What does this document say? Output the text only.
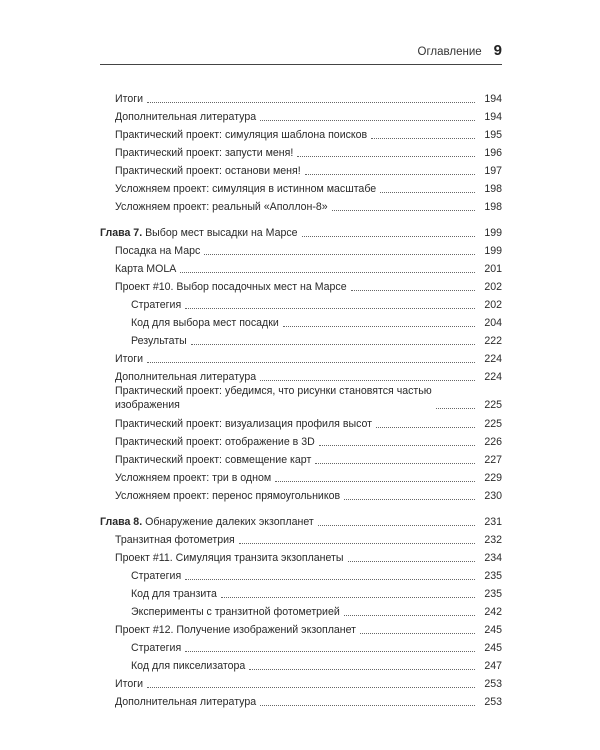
Оглавление 9
Итоги	194
Дополнительная литература	194
Практический проект: симуляция шаблона поисков	195
Практический проект: запусти меня!	196
Практический проект: останови меня!	197
Усложняем проект: симуляция в истинном масштабе	198
Усложняем проект: реальный «Аполлон-8»	198
Глава 7. Выбор мест высадки на Марсе	199
Посадка на Марс	199
Карта MOLA	201
Проект #10. Выбор посадочных мест на Марсе	202
Стратегия	202
Код для выбора мест посадки	204
Результаты	222
Итоги	224
Дополнительная литература	224
Практический проект: убедимся, что рисунки становятся частью
изображения	225
Практический проект: визуализация профиля высот	225
Практический проект: отображение в 3D	226
Практический проект: совмещение карт	227
Усложняем проект: три в одном	229
Усложняем проект: перенос прямоугольников	230
Глава 8. Обнаружение далеких экзопланет	231
Транзитная фотометрия	232
Проект #11. Симуляция транзита экзопланеты	234
Стратегия	235
Код для транзита	235
Эксперименты с транзитной фотометрией	242
Проект #12. Получение изображений экзопланет	245
Стратегия	245
Код для пикселизатора	247
Итоги	253
Дополнительная литература	253
